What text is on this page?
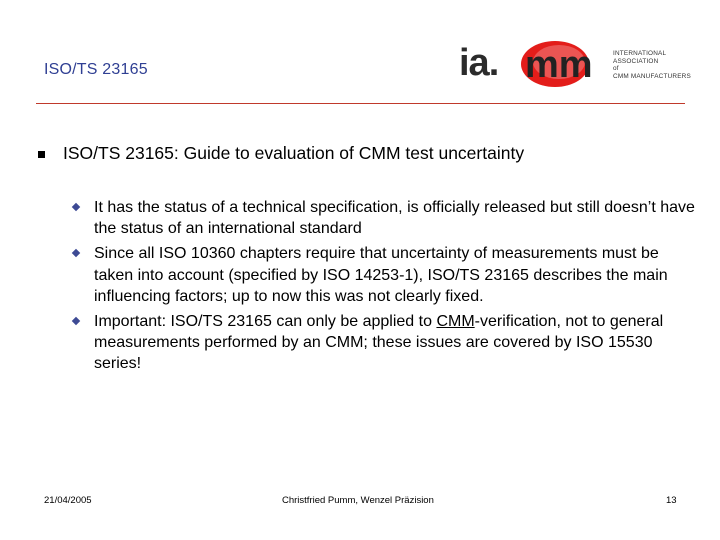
ISO/TS 23165	ia. mm	INTERNATIONAL
ASSOCIATION
of
CMM MANUFACTURERS
ISO/TS 23165: Guide to evaluation of CMM test uncertainty
It has the status of a technical specification, is officially released but still doesn’t have the status of an international standard
Since all ISO 10360 chapters require that uncertainty of measurements must be taken into account (specified by ISO 14253-1), ISO/TS 23165 describes the main influencing factors; up to now this was not clearly fixed.
Important: ISO/TS 23165 can only be applied to CMM-verification, not to general measurements performed by an CMM; these issues are covered by ISO 15530 series!
21/04/2005	Christfried Pumm, Wenzel Präzision	13
